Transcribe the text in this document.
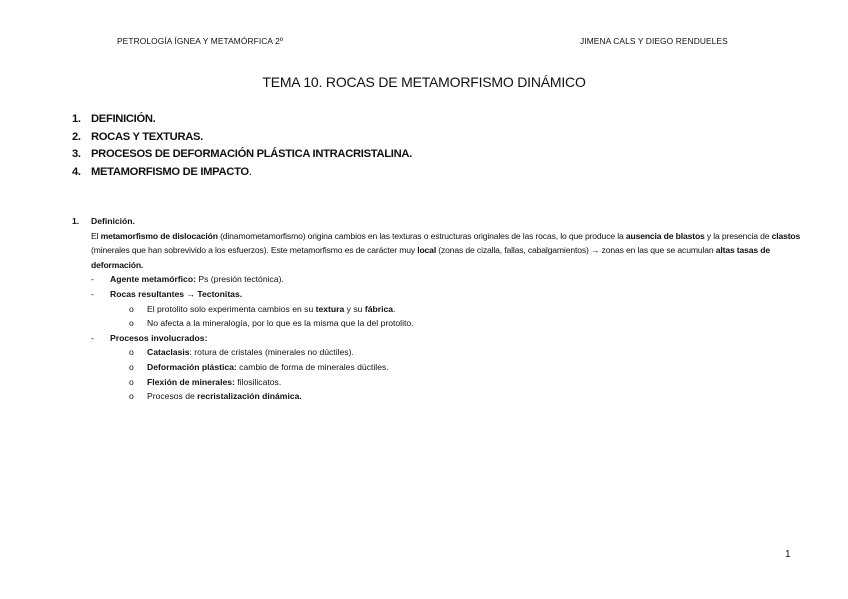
PETROLOGÍA ÍGNEA Y METAMÓRFICA 2º	JIMENA CALS Y DIEGO RENDUELES
TEMA 10. ROCAS DE METAMORFISMO DINÁMICO
1. DEFINICIÓN.
2. ROCAS Y TEXTURAS.
3. PROCESOS DE DEFORMACIÓN PLÁSTICA INTRACRISTALINA.
4. METAMORFISMO DE IMPACTO.
1.	Definición.
El metamorfismo de dislocación (dinamometamorfismo) origina cambios en las texturas o estructuras originales de las rocas, lo que produce la ausencia de blastos y la presencia de clastos (minerales que han sobrevivido a los esfuerzos). Este metamorfismo es de carácter muy local (zonas de cizalla, fallas, cabalgamientos) → zonas en las que se acumulan altas tasas de deformación.
-	Agente metamórfico: Ps (presión tectónica).
-	Rocas resultantes → Tectonitas.
o	El protolito solo experimenta cambios en su textura y su fábrica.
o	No afecta a la mineralogía, por lo que es la misma que la del protolito.
-	Procesos involucrados:
o	Cataclasis: rotura de cristales (minerales no dúctiles).
o	Deformación plástica: cambio de forma de minerales dúctiles.
o	Flexión de minerales: filosilicatos.
o	Procesos de recristalización dinámica.
1
